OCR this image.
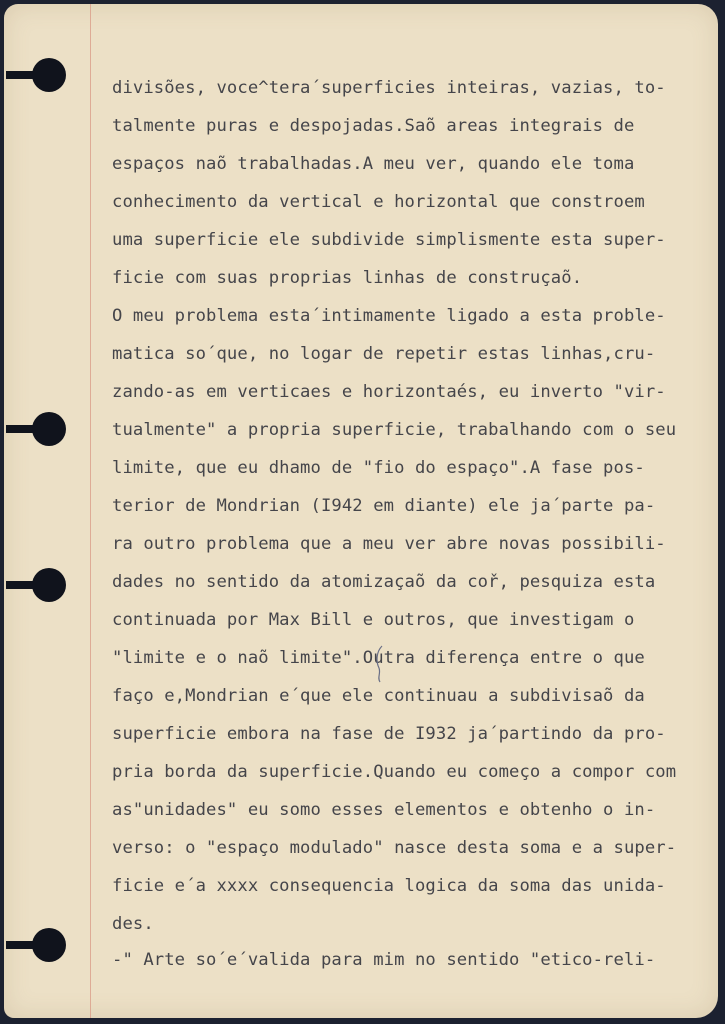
divisões, voce^tera´superficies inteiras, vazias, to-
talmente puras e despojadas.Saõ areas integrais de
espaços naõ trabalhadas.A meu ver, quando ele toma
conhecimento da vertical e horizontal que constroem
uma superficie ele subdivide simplismente esta super-
ficie com suas proprias linhas de construçaõ.
O meu problema esta´intimamente ligado a esta proble-
matica so´que, no logar de repetir estas linhas,cru-
zando-as em verticaes e horizontaés, eu inverto "vir-
tualmente" a propria superficie, trabalhando com o seu
limite, que eu dhamo de "fio do espaço".A fase pos-
terior de Mondrian (I942 em diante) ele ja´parte pa-
ra outro problema que a meu ver abre novas possibili-
dades no sentido da atomizaçaõ da coř, pesquiza esta
continuada por Max Bill e outros, que investigam o
"limite e o naõ limite".Outra diferença entre o que
faço e,Mondrian e´que ele continuau a subdivisaõ da
superficie embora na fase de I932 ja´partindo da pro-
pria borda da superficie.Quando eu começo a compor com
as"unidades" eu somo esses elementos e obtenho o in-
verso: o "espaço modulado" nasce desta soma e a super-
ficie e´a xxxx consequencia logica da soma das unida-
des.
-" Arte so´e´valida para mim no sentido "etico-reli-
